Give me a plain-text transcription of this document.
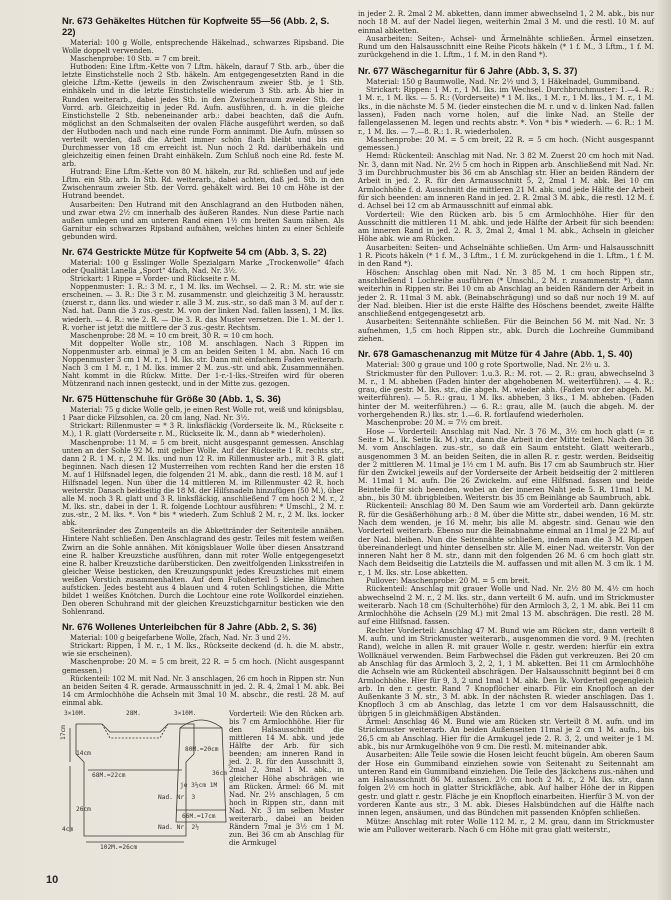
Nr. 673 Gehäkeltes Hütchen für Kopfweite 55—56 (Abb. 2, S. 22)

Material: 100 g Wolle, entsprechende Häkelnad., schwarzes Ripsband. Die Wolle doppelt verwenden.

Maschenprobe: 10 Stb. = 7 cm breit.

Hutboden: Eine Lftm.-Kette von 7 Lftm. häkeln, darauf 7 Stb. arb., über die letzte Einstichstelle noch 2 Stb. häkeln. Am entgegengesetzten Rand in die gleiche Lftm.-Kette (jeweils in den Zwischenraum zweier Stb. je 1 Stb. einhäkeln und in die letzte Einstichstelle wiederum 3 Stb. arb. Ab hier in Runden weiterarb., dabei jedes Stb. in den Zwischenraum zweier Stb. der Vorrd. arb. Gleichzeitig in jeder Rd. Aufn. ausführen, d. h. in die gleiche Einstichstelle 2 Stb. nebeneinander arb.: dabei beachten, daß die Aufn. möglichst an den Schmalseiten der ovalen Fläche ausgeführt werden, so daß der Hutboden nach und nach eine runde Form annimmt. Die Aufn. müssen so verteilt werden, daß die Arbeit immer schön flach bleibt und bis ein Durchmesser von 18 cm erreicht ist. Nun noch 2 Rd. darüberhäkeln und gleichzeitig einen feinen Draht einhäkeln. Zum Schluß noch eine Rd. feste M. arb.

Hutrand: Eine Lftm.-Kette von 80 M. häkeln, zur Rd. schließen und auf jede Lftm. ein Stb. arb. In Stb. Rd. weiterarb., dabei achten, daß jed. Stb. in den Zwischenraum zweier Stb. der Vorrd. gehäkelt wird. Bei 10 cm Höhe ist der Hutrand beendet.

Ausarbeiten: Den Hutrand mit den Anschlagrand an den Hutboden nähen, und zwar etwa 2½ cm innerhalb des äußeren Randes. Nun diese Partie nach außen umlegen und am unteren Rand einen 1½ cm breiten Saum nähen. Als Garnitur ein schwarzes Ripsband aufnähen, welches hinten zu einer Schleife gebunden wird.

Nr. 674 Gestrickte Mütze für Kopfweite 54 cm (Abb. 3, S. 22)

Material: 100 g Esslinger Wolle Spezialgarn Marke „Trockenwolle“ 4fach oder Qualität Lanella „Sport“ 4fach, Nad. Nr. 3½.

Strickart: 1 Rippe = Vorder- und Rückseite r. M.

Noppenmuster: 1. R.: 3 M. r., 1 M. lks. im Wechsel. — 2. R.: M. str. wie sie erscheinen. — 3. R.: Die 3 r. M. zusammenstr. und gleichzeitig 3 M. herausstr. (zuerst r., dann lks. und wieder r. alle 3 M. zus.-str., so daß man 3 M. auf der r. Nad. hat. Dann die 3 zus.-gestr. M. von der linken Nad. fallen lassen), 1 M. lks. wiederh. — 4. R.: wie 2. R. — Die 3. R. das Muster versetzen. Die 1. M. der 1. R. vorher ist jetzt die mittlere der 3 zus.-gestr. Rechtsm.

Maschenprobe: 28 M. = 10 cm breit, 30 R. = 10 cm hoch.

Mit doppelter Wolle str., 108 M. anschlagen. Nach 3 Rippen im Noppenmuster arb. einmal je 3 cm an beiden Seiten 1 M. abn. Nach 16 cm Noppenmuster 3 cm 1 M. r., 1 M. lks. str. Dann mit einfachem Faden weiterarb. Nach 3 cm 1 M. r., 1 M. lks. immer 2 M. zus.-str. und abk. Zusammennähen. Naht kommt in die Rückw. Mitte. Der 1-r.-1-lks.-Streifen wird für oberen Mützenrand nach innen gesteckt, und in der Mitte zus. gezogen.

Nr. 675 Hüttenschuhe für Größe 30 (Abb. 1, S. 36)

Material: 75 g dicke Wolle gelb, je einen Rest Wolle rot, weiß und königsblau, 1 Paar dicke Filzsohlen, ca. 20 cm lang, Nad. Nr. 3½.

Strickart: Rillenmuster = * 3 R. linksfläckig (Vorderseite lk. M., Rückseite r. M.), 1 R. glatt (Vorderseite r. M., Rückseite lk. M., dann ab * wiederholen).

Maschenprobe: 11 M. = 5 cm breit, nicht ausgespannt gemessen. Anschlag unten an der Sohle 92 M. mit gelber Wolle. Auf der Rückseite 1 R. rechts str., dann 2 R. 1 M. r., 2 M. lks. und nun 12 R. im Rillenmuster arb., mit 3 R. glatt beginnen. Nach diesen 12 Musterreihen vom rechten Rand her die ersten 18 M. auf 1 Hilfsnadel legen, die folgenden 21 M. abk., dann die restl. 18 M. auf 1 Hilfsnadel legen. Nun über die 14 mittleren M. im Rillenmuster 42 R. hoch weiterstr. Danach beidseitig die 18 M. der Hilfsnadeln hinzufügen (50 M.), über alle M. noch 3 R. glatt und 3 R. linksfläckig, anschließend 7 cm hoch 2 M. r., 2 M. lks. str., dabei in der 1. R. folgende Lochtour ausführen: * Umschl., 2 M. r. zus.-str., 2 M. lks. *. Von * bis * wiederh. Zum Schluß 2 M. r., 2 M. lks. locker abk.

Seitenränder des Zungenteils an die Abkettränder der Seitenteile annähen. Hintere Naht schließen. Den Anschlagrand des gestr. Teiles mit festem weißen Zwirn an die Sohle annähen. Mit königsblauer Wolle über diesen Ansatzrand eine R. halber Kreuzstiche ausführen, dann mit roter Wolle entgegengesetzt eine R. halber Kreuzstiche darübersticken. Den zweitfolgenden Linksstreifen in gleicher Weise besticken, den Kreuzungspunkt jedes Kreuzstiches mit einem weißen Vorstich zusammenhalten. Auf dem Fußoberteil 5 kleine Blümchen aufsticken. Jedes besteht aus 4 blauen und 4 roten Schlingstichen, die Mitte bildet 1 weißes Knötchen. Durch die Lochtour eine rote Wollkordel einziehen. Den oberen Schuhrand mit der gleichen Kreuzstichgarnitur besticken wie den Sohlenrand.

Nr. 676 Wollenes Unterleibchen für 8 Jahre (Abb. 2, S. 36)

Material: 100 g beigefarbene Wolle, 2fach, Nad. Nr. 3 und 2½.

Strickart: Rippen, 1 M. r., 1 M. lks., Rückseite deckend (d. h. die M. abstr., wie sie erscheinen).

Maschenprobe: 20 M. = 5 cm breit, 22 R. = 5 cm hoch. (Nicht ausgespannt gemessen.)

Rückenteil: 102 M. mit Nad. Nr. 3 anschlagen, 26 cm hoch in Rippen str. Nun an beiden Seiten 4 R. gerade. Armausschnitt in jed. 2. R. 4, 2mal 1 M. abk. Bei 14 cm Armlochhöhe die Achseln mit 3mal 10 M. abschr., die restl. 28 M. auf einmal abk.

3×10M.	28M.	3×10M.
17cm
68M.=22cm
102M.=26cm
80M.=20cm
66M.=17cm
Nad. Nr. 3
Nad. Nr. 2½
26cm
14cm
4cm
36cm
je 3½cm 1M
Vorderteil: Wie den Rücken arb. bis 7 cm Armlochhöhe. Hier für den Halsausschnitt die mittleren 14 M. abk. und jede Hälfte der Arb. für sich beenden; am inneren Rand in jed. 2. R. für den Ausschnitt 3, 2mal 2, 3mal 1 M. abk., in gleicher Höhe abschrägen wie am Rücken. Ärmel: 66 M. mit Nad. Nr. 2½ anschlagen, 5 cm hoch in Rippen str., dann mit Nad. Nr. 3 im selben Muster weiterarb., dabei an beiden Rändern 7mal je 3½ cm 1 M. zun. Bei 36 cm ab Anschlag für die Armkugel

in jeder 2. R. 2mal 2 M. abketten, dann immer abwechselnd 1, 2 M. abk., bis nur noch 18 M. auf der Nadel liegen, weiterhin 2mal 3 M. und die restl. 10 M. auf einmal abketten.

Ausarbeiten: Seiten-, Achsel- und Ärmelnähte schließen. Ärmel einsetzen. Rund um den Halsausschnitt eine Reihe Picots häkeln (* 1 f. M., 3 Lftm., 1 f. M. zurückgehend in die 1. Lftm., 1 f. M. in den Rand *).

Nr. 677 Wäschegarnitur für 6 Jahre (Abb. 3, S. 37)

Material: 150 g Baumwolle, Nad. Nr. 2½ und 3, 1 Häkelnadel, Gummiband.

Strickart: Rippen: 1 M. r., 1 M. lks. im Wechsel. Durchbruchmuster: 1.—4. R.: 1 M. r., 1 M. lks. — 5. R.: (Vorderseite) * 1 M. lks., 1 M. r., 1 M. lks., 1 M. r., 1 M. lks., in die nächste M. 5 M. (ieder einstechen die M. r. und v. d. linken Nad. fallen lassen), Faden nach vorne holen, auf die linke Nad. an Stelle der fallengelassenen M. legen und rechts abstr. *. Von * bis * wiederh. — 6. R.: 1 M. r., 1 M. lks. — 7.—8. R.: 1. R. wiederholen.

Maschenprobe: 20 M. = 5 cm breit, 22 R. = 5 cm hoch. (Nicht ausgespannt gemessen.)

Hemd: Rückenteil: Anschlag mit Nad. Nr. 3 82 M. Zuerst 20 cm hoch mit Nad. Nr. 3, dann mit Nad. Nr. 2½ 5 cm hoch in Rippen arb. Anschließend mit Nad. Nr. 3 im Durchbruchmuster bis 36 cm ab Anschlag str. Hier an beiden Rändern der Arbeit in jed. 2. R. für den Armausschnitt 5, 2, 2mal 1 M. abk. Bei 10 cm Armlochhöhe f. d. Ausschnitt die mittleren 21 M. abk. und jede Hälfte der Arbeit für sich beenden: am inneren Rand in jed. 2. R. 2mal 3 M. abk., die restl. 12 M. f. d. Achsel bei 12 cm ab Armausschnitt auf einmal abk.

Vorderteil: Wie den Rücken arb. bis 5 cm Armlochhöhe. Hier für den Ausschnitt die mittleren 11 M. abk. und jede Hälfte der Arbeit für sich beenden: am inneren Rand in jed. 2. R. 3, 2mal 2, 4mal 1 M. abk., Achseln in gleicher Höhe abk. wie am Rücken.

Ausarbeiten: Seiten- und Achselnähte schließen. Um Arm- und Halsausschnitt 1 R. Picots häkeln (* 1 f. M., 3 Lftm., 1 f. M. zurückgehend in die 1. Lftm., 1 f. M. in den Rand *).

Höschen: Anschlag oben mit Nad. Nr. 3 85 M. 1 cm hoch Rippen str., anschließend 1 Lochreihe ausführen (* Umschl., 2 M. r. zusammenstr. *), dann weiterhin in Rippen str. Bei 10 cm ab Anschlag an beiden Rändern der Arbeit in jeder 2. R. 11mal 3 M. abk. (Beinabschrägung) und so daß nur noch 19 M. auf der Nad. bleiben. Hier ist die erste Hälfte des Höschens beendet, zweite Hälfte anschließend entgegengesetzt arb.

Ausarbeiten: Seitennähte schließen. Für die Beinchen 56 M. mit Nad. Nr. 3 aufnehmen, 1,5 cm hoch Rippen str., abk. Durch die Lochreihe Gummiband ziehen.

Nr. 678 Gamaschenanzug mit Mütze für 4 Jahre (Abb. 1, S. 40)

Material: 300 g graue und 100 g rote Sportwolle, Nad. Nr. 2½ u. 3.

Strickmuster für den Pullover: 1.u.3. R.: M. rot. — 2. R.: grau, abwechselnd 3 M. r., 1 M. abheben (Faden hinter der abgehobenen M. weiterführen). — 4. R.: grau, die gestr. M. lks. str., die abgeh. M. wieder abh. (Faden vor der abgeh. M. weiterführen). — 5. R.: grau, 1 M. lks. abheben, 3 lks., 1 M. abheben. (Faden hinter der M. weiterführen.) — 6. R.: grau, alle M. (auch die abgeh. M. der vorhergehenden R.) lks. str. 1.—6. R. fortlaufend wiederholen.

Maschenprobe: 20 M. = 7½ cm breit.

Hose — Vorderteil: Anschlag mit Nad. Nr. 3 76 M., 3½ cm hoch glatt (= r. Seite r. M., lk. Seite lk. M.) str., dann die Arbeit in der Mitte teilen. Nach den 38 M. vom Anschlagen. zus.-str., so daß ein Saum entsteht. Glatt weiterarb., ausgenommen 3 M. an beiden Seiten, die in allen R. r. gestr. werden. Beidseitig der 2 mittleren M. 11mal je 1½ cm 1 M. aufn. Bis 17 cm ab Saumbruch str. Hier für den Zwickel jeweils auf der Vorderseite der Arbeit beidseitig der 2 mittleren M. 11mal 1 M. aufn. Die 26 Zwickelm. auf eine Hilfsnad. fassen und beide Beinteile für sich beenden, wobei an der inneren Naht jede 5. R. 11mal 1 M. abn., bis 30 M. übrigbleiben. Weiterstr. bis 35 cm Beinlänge ab Saumbruch, abk.

Rückenteil: Anschlag 80 M. Den Saum wie am Vorderteil arb. Dann gekürzte R. für die Gesäßerhöhung arb.: 8 M. über die Mitte str., dabei wenden, 16 M. str. Nach dem wenden, je 16 M. mehr, bis alle M. abgestr. sind. Genau wie den Vorderteil weiterarb. Ebenso nur die Beinabnahme einmal an 11mal je 22 M. auf der Nad. bleiben. Nun die Seitennähte schließen, indem man die 3 M. Rippen übereinanderlegt und hinter denselben str. Alle M. einer Nad. weiterstr. Von der inneren Naht her 8 M. str., dann mit den folgenden 26 M. 6 cm hoch glatt str. Nach dem Beidseitig die Latzteils die M. auffassen und mit allen M. 3 cm lk. 1 M. r., 1 M. lks. str. Lose abketten.

Pullover: Maschenprobe: 20 M. = 5 cm breit.

Rückenteil: Anschlag mit grauer Wolle und Nad. Nr. 2½ 80 M. 4½ cm hoch abwechselnd 2 M. r., 2 M. lks. str., dann verteilt 6 M. aufn. und im Strickmuster weiterarb. Nach 18 cm (Schulterhöhe) für den Armloch 3, 2, 1 M. abk. Bei 11 cm Armlochhöhe die Achseln (29 M.) mit 2mal 13 M. abschrägen. Die restl. 28 M. auf eine Hilfsnad. fassen.

Rechter Vorderteil: Anschlag 47 M. Bund wie am Rücken str., dann verteilt 8 M. aufn. und im Strickmuster weiterarb., ausgenommen die vord. 9 M. (rechten Rand), welche in allen R. mit grauer Wolle r. gestr. werden: hierfür ein extra Wollknäuel verwenden. Beim Farbwechsel die Fäden gut verkreuzen. Bei 20 cm ab Anschlag für das Armloch 3, 2, 2, 1, 1 M. abketten. Bei 11 cm Armlochhöhe die Achseln wie am Rückenteil abschrägen. Der Halsausschnitt beginnt bei 8 cm Armlochhöhe. Hier für 9, 3, 2 und 1mal 1 M. abk. Den lk. Vorderteil gegengleich arb. In den r. gestr. Rand 7 Knopflöcher einarb. Für ein Knopfloch an der Außenkante 3 M. str., 3 M. abk. In der nächsten R. wieder anschlagen. Das 1. Knopfloch 3 cm ab Anschlag, das letzte 1 cm vor dem Halsausschnitt, die übrigen 5 in gleichmäßigen Abständen.

Ärmel: Anschlag 46 M. Bund wie am Rücken str. Verteilt 8 M. aufn. und im Strickmuster weiterarb. An beiden Außenseiten 11mal je 2 cm 1 M. aufn., bis 26,5 cm ab Anschlag. Hier für die Armkugel jede 2. R. 3, 2, und weiter je 1 M. abk., bis nur Armkugelhöhe von 9 cm. Die restl. M. miteinander abk.

Ausarbeiten: Alle Teile sowie die Hosen leicht feucht bügeln. Am oberen Saum der Hose ein Gummiband einziehen sowie von Seitenaht zu Seitennaht am unteren Rand ein Gummiband einziehen. Die Teile des Jäckchens zus.-nähen und am Halsausschnitt 86 M. aufassen. 2½ cm hoch 2 M. r., 2 M. lks. str., dann folgen 2½ cm hoch in glatter Strickfläche, abk. Auf halber Höhe der in Rippen gestr. und glatt r. gestr. Fläche je ein Knopfloch einarbeiten. Hierfür 3 M. von der vorderen Kante aus str., 3 M. abk. Dieses Halsbündchen auf die Hälfte nach innen legen, ansäumen, und das Bündchen mit passenden Knöpfen schließen.

Mütze: Anschlag mit roter Wolle 112 M. r., 2 M. grau, dann im Strickmuster wie am Pullover weiterarb. Nach 6 cm Höhe mit grau glatt weiterstr.,

10
